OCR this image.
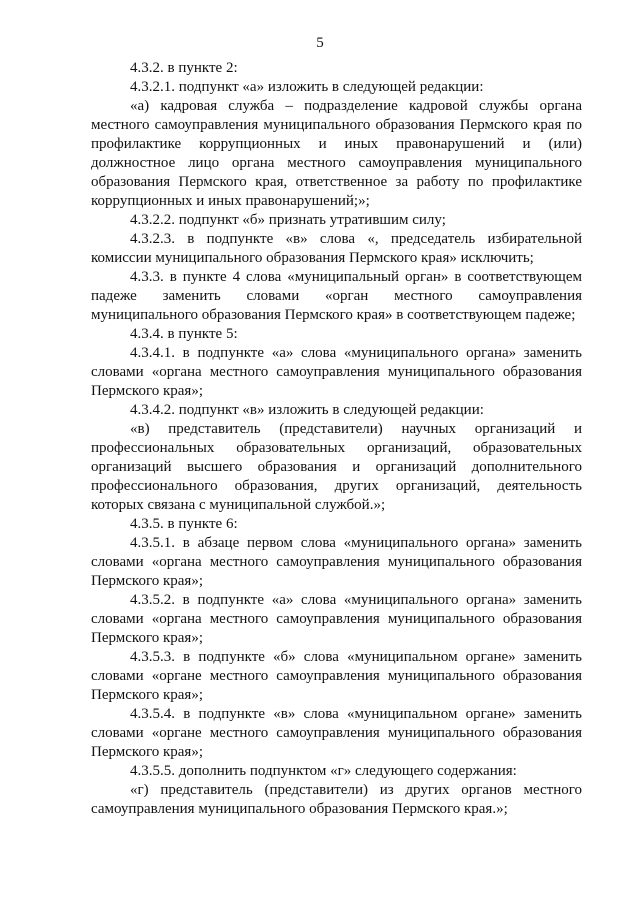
5

4.3.2. в пункте 2:

4.3.2.1. подпункт «а» изложить в следующей редакции:

«а) кадровая служба – подразделение кадровой службы органа местного самоуправления муниципального образования Пермского края по профилактике коррупционных и иных правонарушений и (или) должностное лицо органа местного самоуправления муниципального образования Пермского края, ответственное за работу по профилактике коррупционных и иных правонарушений;»;

4.3.2.2. подпункт «б» признать утратившим силу;

4.3.2.3. в подпункте «в» слова «, председатель избирательной комиссии муниципального образования Пермского края» исключить;

4.3.3. в пункте 4 слова «муниципальный орган» в соответствующем падеже заменить словами «орган местного самоуправления муниципального образования Пермского края» в соответствующем падеже;

4.3.4. в пункте 5:

4.3.4.1. в подпункте «а» слова «муниципального органа» заменить словами «органа местного самоуправления муниципального образования Пермского края»;

4.3.4.2. подпункт «в» изложить в следующей редакции:

«в) представитель (представители) научных организаций и профессиональных образовательных организаций, образовательных организаций высшего образования и организаций дополнительного профессионального образования, других организаций, деятельность которых связана с муниципальной службой.»;

4.3.5. в пункте 6:

4.3.5.1. в абзаце первом слова «муниципального органа» заменить словами «органа местного самоуправления муниципального образования Пермского края»;

4.3.5.2. в подпункте «а» слова «муниципального органа» заменить словами «органа местного самоуправления муниципального образования Пермского края»;

4.3.5.3. в подпункте «б» слова «муниципальном органе» заменить словами «органе местного самоуправления муниципального образования Пермского края»;

4.3.5.4. в подпункте «в» слова «муниципальном органе» заменить словами «органе местного самоуправления муниципального образования Пермского края»;

4.3.5.5. дополнить подпунктом «г» следующего содержания:

«г) представитель (представители) из других органов местного самоуправления муниципального образования Пермского края.»;
